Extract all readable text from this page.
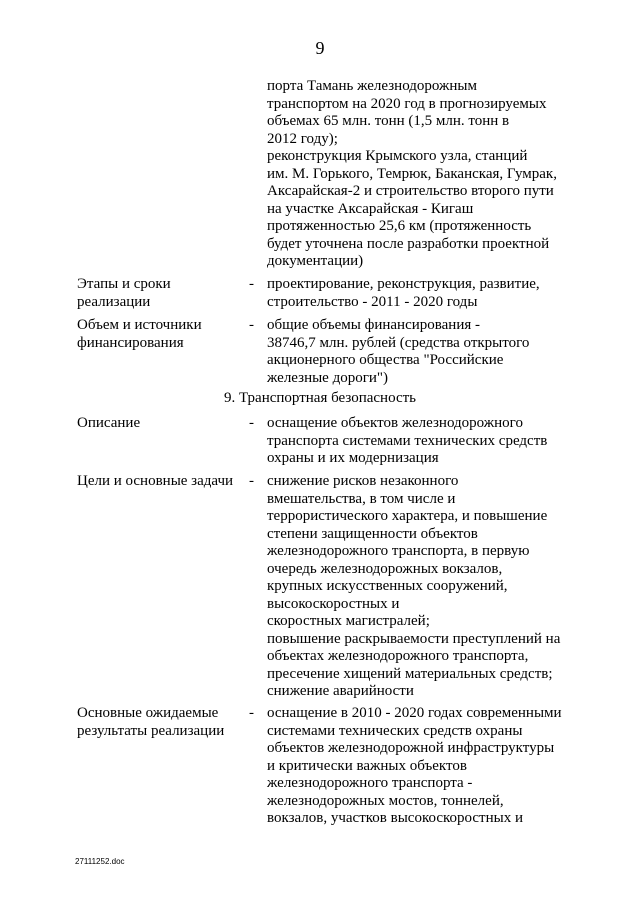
9
порта Тамань железнодорожным
транспортом на 2020 год в прогнозируемых
объемах 65 млн. тонн (1,5 млн. тонн в
2012 году);
реконструкция Крымского узла, станций
им. М. Горького, Темрюк, Баканская, Гумрак,
Аксарайская-2 и строительство второго пути
на участке Аксарайская - Кигаш
протяженностью 25,6 км (протяженность
будет уточнена после разработки проектной
документации)
Этапы и сроки
реализации
- проектирование, реконструкция, развитие,
строительство - 2011 - 2020 годы
Объем и источники
финансирования
- общие объемы финансирования -
38746,7 млн. рублей (средства открытого
акционерного общества "Российские
железные дороги")
9. Транспортная безопасность
Описание	- оснащение объектов железнодорожного
транспорта системами технических средств
охраны и их модернизация
Цели и основные задачи - снижение рисков незаконного
вмешательства, в том числе и
террористического характера, и повышение
степени защищенности объектов
железнодорожного транспорта, в первую
очередь железнодорожных вокзалов,
крупных искусственных сооружений,
высокоскоростных и
скоростных магистралей;
повышение раскрываемости преступлений на
объектах железнодорожного транспорта,
пресечение хищений материальных средств;
снижение аварийности
Основные ожидаемые
результаты реализации
- оснащение в 2010 - 2020 годах современными
системами технических средств охраны
объектов железнодорожной инфраструктуры
и критически важных объектов
железнодорожного транспорта -
железнодорожных мостов, тоннелей,
вокзалов, участков высокоскоростных и
27111252.doc
